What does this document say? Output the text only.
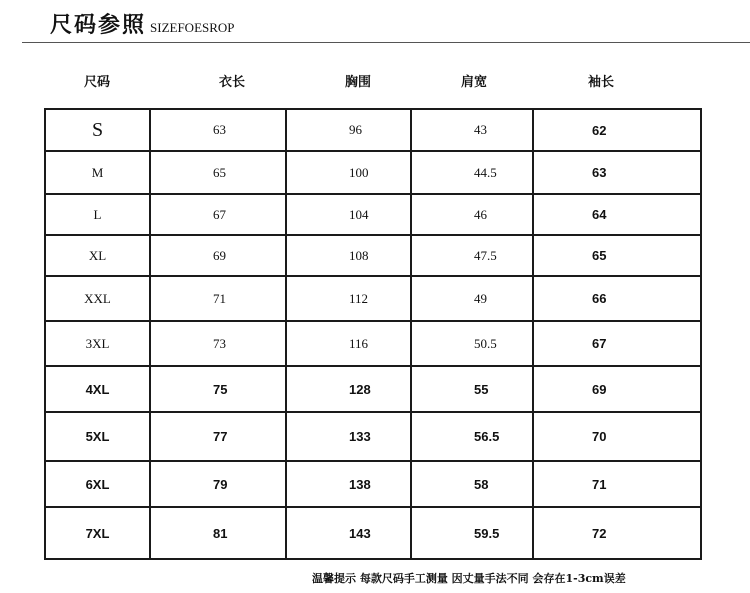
尺码参照 SIZEFOESROP
尺码	衣长	胸围	肩宽	袖长
S	63	96	43	62
M	65	100	44.5	63
L	67	104	46	64
XL	69	108	47.5	65
XXL	71	112	49	66
3XL	73	116	50.5	67
4XL	75	128	55	69
5XL	77	133	56.5	70
6XL	79	138	58	71
7XL	81	143	59.5	72
温馨提示 每款尺码手工测量 因丈量手法不同 会存在1-3cm误差
